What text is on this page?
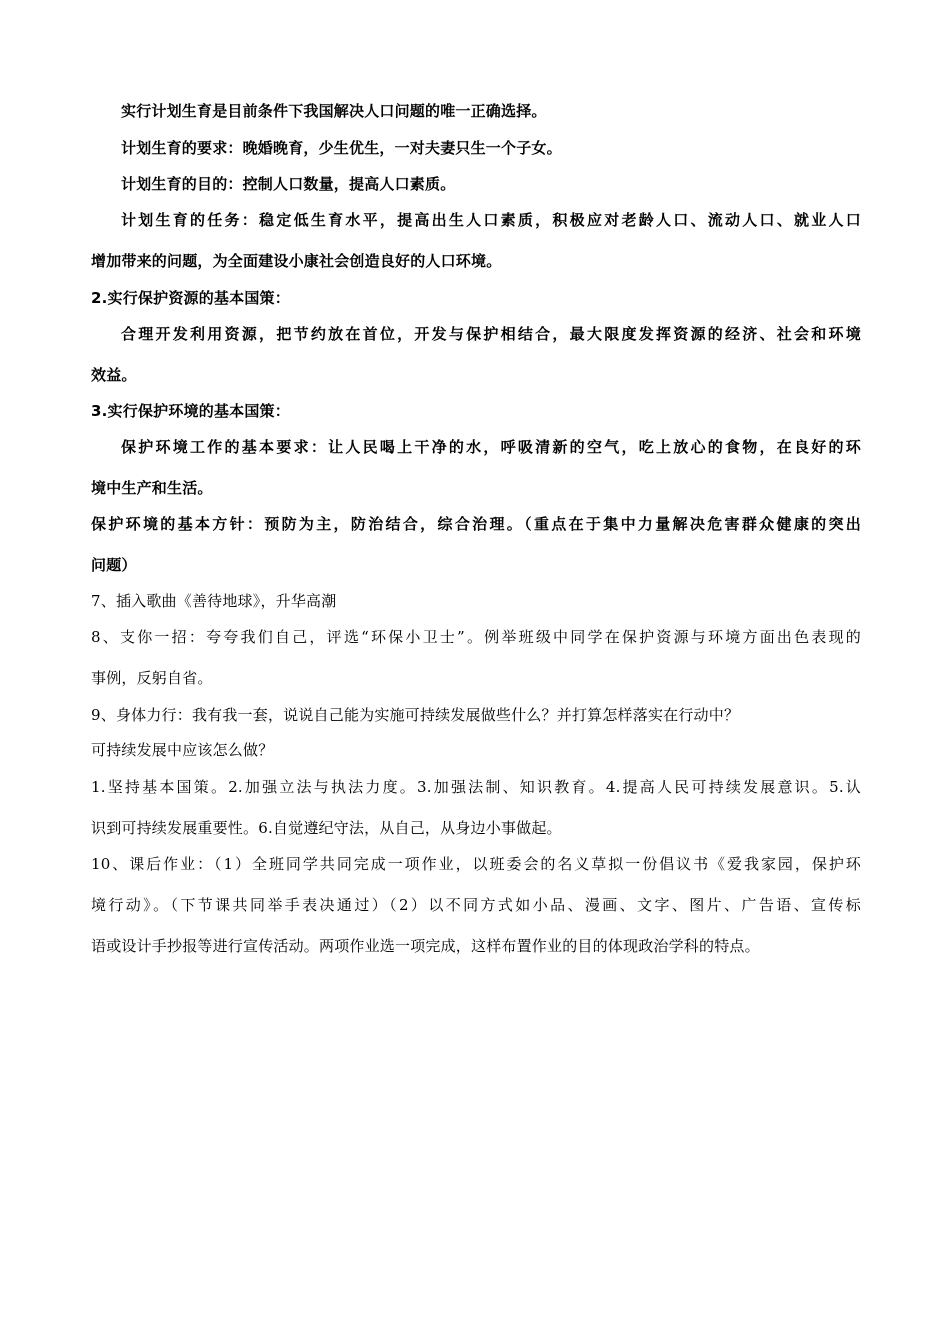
实行计划生育是目前条件下我国解决人口问题的唯一正确选择。
计划生育的要求：晚婚晚育，少生优生，一对夫妻只生一个子女。
计划生育的目的：控制人口数量，提高人口素质。
计划生育的任务：稳定低生育水平，提高出生人口素质，积极应对老龄人口、流动人口、就业人口
增加带来的问题，为全面建设小康社会创造良好的人口环境。
2.实行保护资源的基本国策：
合理开发利用资源，把节约放在首位，开发与保护相结合，最大限度发挥资源的经济、社会和环境
效益。
3.实行保护环境的基本国策：
保护环境工作的基本要求：让人民喝上干净的水，呼吸清新的空气，吃上放心的食物，在良好的环
境中生产和生活。
保护环境的基本方针：预防为主，防治结合，综合治理。（重点在于集中力量解决危害群众健康的突出
问题）
7、插入歌曲《善待地球》，升华高潮
8、支你一招：夸夸我们自己，评选“环保小卫士”。例举班级中同学在保护资源与环境方面出色表现的
事例，反躬自省。
9、身体力行：我有我一套，说说自己能为实施可持续发展做些什么？并打算怎样落实在行动中？
可持续发展中应该怎么做？
1.坚持基本国策。2.加强立法与执法力度。3.加强法制、知识教育。4.提高人民可持续发展意识。5.认
识到可持续发展重要性。6.自觉遵纪守法，从自己，从身边小事做起。
10、课后作业：（1）全班同学共同完成一项作业，以班委会的名义草拟一份倡议书《爱我家园，保护环
境行动》。（下节课共同举手表决通过）（2）以不同方式如小品、漫画、文字、图片、广告语、宣传标
语或设计手抄报等进行宣传活动。两项作业选一项完成，这样布置作业的目的体现政治学科的特点。
